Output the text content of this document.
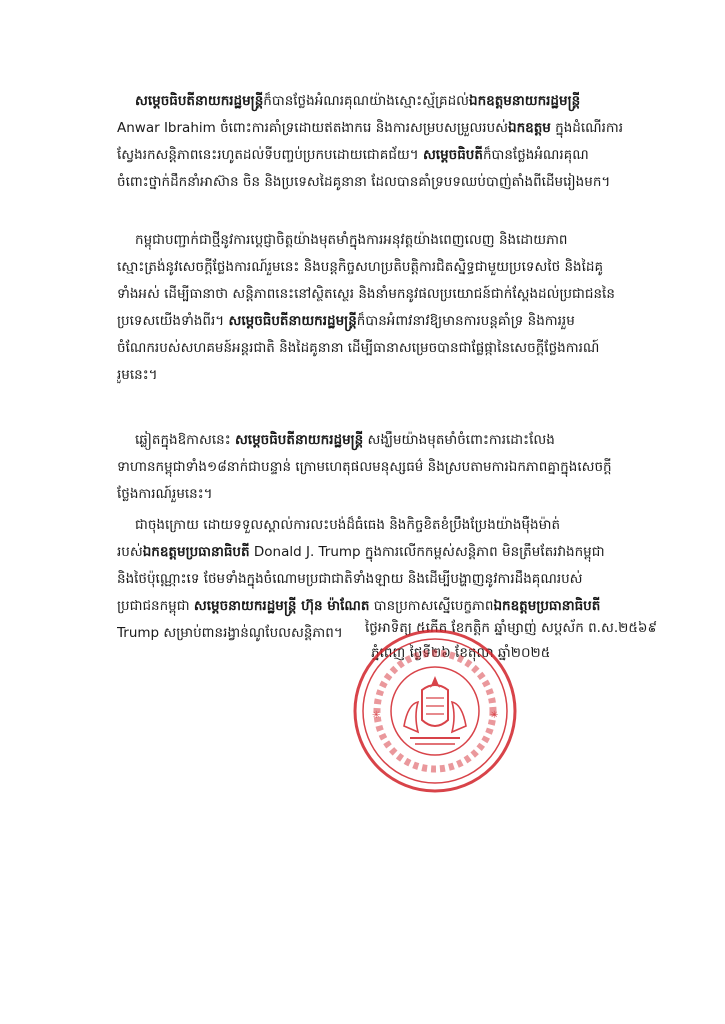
សម្តេចធិបតីនាយករដ្ឋមន្ត្រីក៏បានថ្លែងអំណរគុណយ៉ាងស្មោះស្ម័គ្រដល់ឯកឧត្តមនាយករដ្ឋមន្ត្រី
Anwar Ibrahim ចំពោះការគាំទ្រដោយឥតងាករេ និងការសម្របសម្រួលរបស់ឯកឧត្តម ក្នុងដំណើរការ
ស្វែងរកសន្តិភាពនេះរហូតដល់ទីបញ្ចប់ប្រកបដោយជោគជ័យ។ សម្តេចធិបតីក៏បានថ្លែងអំណរគុណ
ចំពោះថ្នាក់ដឹកនាំអាស៊ាន ចិន និងប្រទេសដៃគូនានា ដែលបានគាំទ្របទឈប់បាញ់តាំងពីដើមរៀងមក។
កម្ពុជាបញ្ជាក់ជាថ្មីនូវការប្តេជ្ញាចិត្តយ៉ាងមុតមាំក្នុងការអនុវត្តយ៉ាងពេញលេញ និងដោយភាព
ស្មោះត្រង់នូវសេចក្តីថ្លែងការណ៍រួមនេះ និងបន្តកិច្ចសហប្រតិបត្តិការជិតស្និទ្ធជាមួយប្រទេសថៃ និងដៃគូ
ទាំងអស់ ដើម្បីធានាថា សន្តិភាពនេះនៅស្ថិតស្ថេរ និងនាំមកនូវផលប្រយោជន៍ជាក់ស្តែងដល់ប្រជាជននៃ
ប្រទេសយើងទាំងពីរ។ សម្តេចធិបតីនាយករដ្ឋមន្ត្រីក៏បានអំពាវនាវឱ្យមានការបន្តគាំទ្រ និងការរួម
ចំណែករបស់សហគមន៍អន្តរជាតិ និងដៃគូនានា ដើម្បីធានាសម្រេចបានជាផ្លែផ្កានៃសេចក្តីថ្លែងការណ៍
រួមនេះ។
ឆ្លៀតក្នុងឱកាសនេះ សម្តេចធិបតីនាយករដ្ឋមន្ត្រី សង្ឃឹមយ៉ាងមុតមាំចំពោះការដោះលែង
ទាហានកម្ពុជាទាំង១៨នាក់ជាបន្ទាន់ ក្រោមហេតុផលមនុស្សធម៌ និងស្របតាមការឯកភាពគ្នាក្នុងសេចក្តី
ថ្លែងការណ៍រួមនេះ។
ជាចុងក្រោយ ដោយទទួលស្គាល់ការលះបង់ដ៏ធំធេង និងកិច្ចខិតខំប្រឹងប្រែងយ៉ាងម៉ឺងម៉ាត់
របស់ឯកឧត្តមប្រធានាធិបតី Donald J. Trump ក្នុងការលើកកម្ពស់សន្តិភាព មិនត្រឹមតែរវាងកម្ពុជា
និងថៃប៉ុណ្ណោះទេ ថែមទាំងក្នុងចំណោមប្រជាជាតិទាំងឡាយ និងដើម្បីបង្ហាញនូវការដឹងគុណរបស់
ប្រជាជនកម្ពុជា សម្តេចនាយករដ្ឋមន្ត្រី ហ៊ុន ម៉ាណែត បានប្រកាសស្នើបេក្ខភាពឯកឧត្តមប្រធានាធិបតី
Trump សម្រាប់ពានរង្វាន់ណូបែលសន្តិភាព។	ថ្ងៃអាទិត្យ ៥កើត ខែកត្តិក ឆ្នាំម្សាញ់ សប្តស័ក ព.ស.២៥៦៩
ភ្នំពេញ ថ្ងៃទី២៦ ខែតុលា ឆ្នាំ២០២៥
✳	✳
